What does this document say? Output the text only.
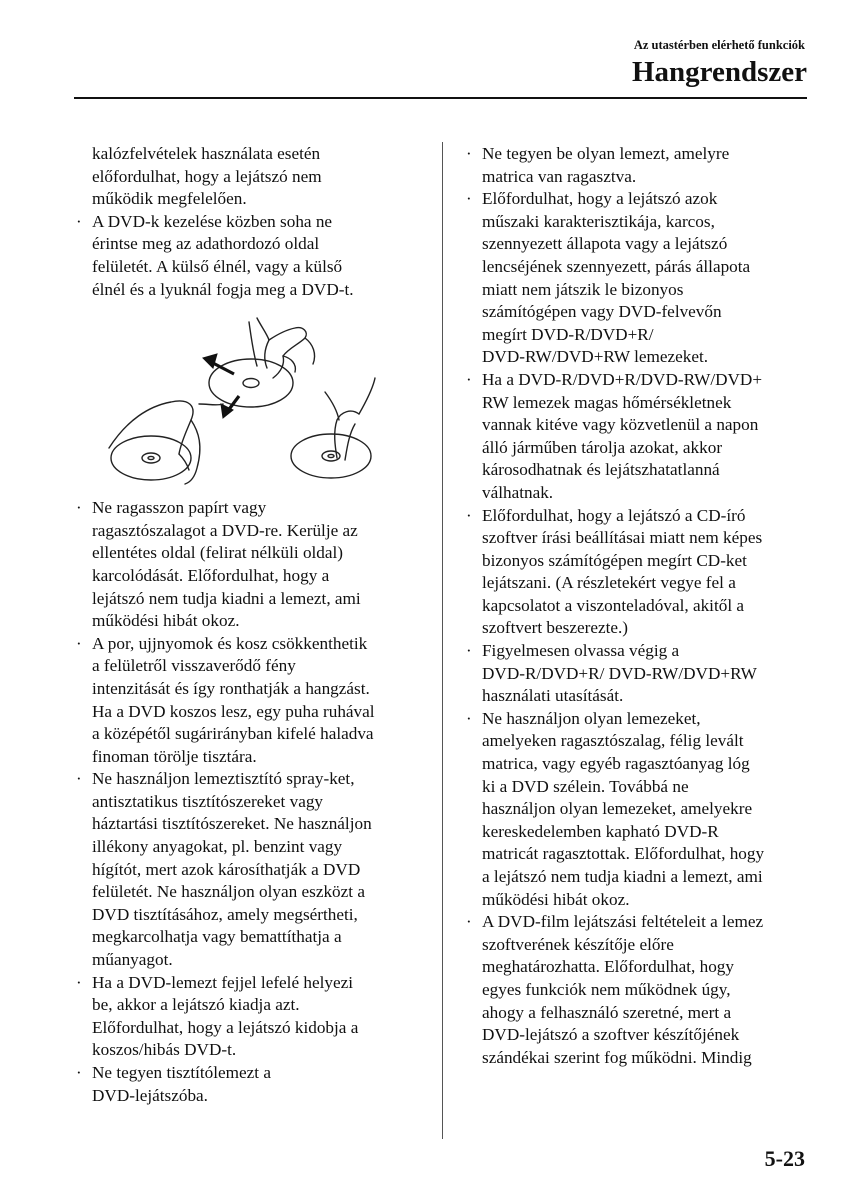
Az utastérben elérhető funkciók
Hangrendszer
kalózfelvételek használata esetén
előfordulhat, hogy a lejátszó nem
működik megfelelően.
· A DVD-k kezelése közben soha ne
érintse meg az adathordozó oldal
felületét. A külső élnél, vagy a külső
élnél és a lyuknál fogja meg a DVD-t.
· Ne ragasszon papírt vagy
ragasztószalagot a DVD-re. Kerülje az
ellentétes oldal (felirat nélküli oldal)
karcolódását. Előfordulhat, hogy a
lejátszó nem tudja kiadni a lemezt, ami
működési hibát okoz.
· A por, ujjnyomok és kosz csökkenthetik
a felületről visszaverődő fény
intenzitását és így ronthatják a hangzást.
Ha a DVD koszos lesz, egy puha ruhával
a középétől sugárirányban kifelé haladva
finoman törölje tisztára.
· Ne használjon lemeztisztító spray-ket,
antisztatikus tisztítószereket vagy
háztartási tisztítószereket. Ne használjon
illékony anyagokat, pl. benzint vagy
hígítót, mert azok károsíthatják a DVD
felületét. Ne használjon olyan eszközt a
DVD tisztításához, amely megsértheti,
megkarcolhatja vagy bemattíthatja a
műanyagot.
· Ha a DVD-lemezt fejjel lefelé helyezi
be, akkor a lejátszó kiadja azt.
Előfordulhat, hogy a lejátszó kidobja a
koszos/hibás DVD-t.
· Ne tegyen tisztítólemezt a
DVD-lejátszóba.
· Ne tegyen be olyan lemezt, amelyre
matrica van ragasztva.
· Előfordulhat, hogy a lejátszó azok
műszaki karakterisztikája, karcos,
szennyezett állapota vagy a lejátszó
lencséjének szennyezett, párás állapota
miatt nem játszik le bizonyos
számítógépen vagy DVD-felvevőn
megírt DVD-R/DVD+R/
DVD-RW/DVD+RW lemezeket.
· Ha a DVD-R/DVD+R/DVD-RW/DVD+
RW lemezek magas hőmérsékletnek
vannak kitéve vagy közvetlenül a napon
álló járműben tárolja azokat, akkor
károsodhatnak és lejátszhatatlanná
válhatnak.
· Előfordulhat, hogy a lejátszó a CD-író
szoftver írási beállításai miatt nem képes
bizonyos számítógépen megírt CD-ket
lejátszani. (A részletekért vegye fel a
kapcsolatot a viszonteladóval, akitől a
szoftvert beszerezte.)
· Figyelmesen olvassa végig a
DVD-R/DVD+R/ DVD-RW/DVD+RW
használati utasítását.
· Ne használjon olyan lemezeket,
amelyeken ragasztószalag, félig levált
matrica, vagy egyéb ragasztóanyag lóg
ki a DVD szélein. Továbbá ne
használjon olyan lemezeket, amelyekre
kereskedelemben kapható DVD-R
matricát ragasztottak. Előfordulhat, hogy
a lejátszó nem tudja kiadni a lemezt, ami
működési hibát okoz.
· A DVD-film lejátszási feltételeit a lemez
szoftverének készítője előre
meghatározhatta. Előfordulhat, hogy
egyes funkciók nem működnek úgy,
ahogy a felhasználó szeretné, mert a
DVD-lejátszó a szoftver készítőjének
szándékai szerint fog működni. Mindig
5-23
